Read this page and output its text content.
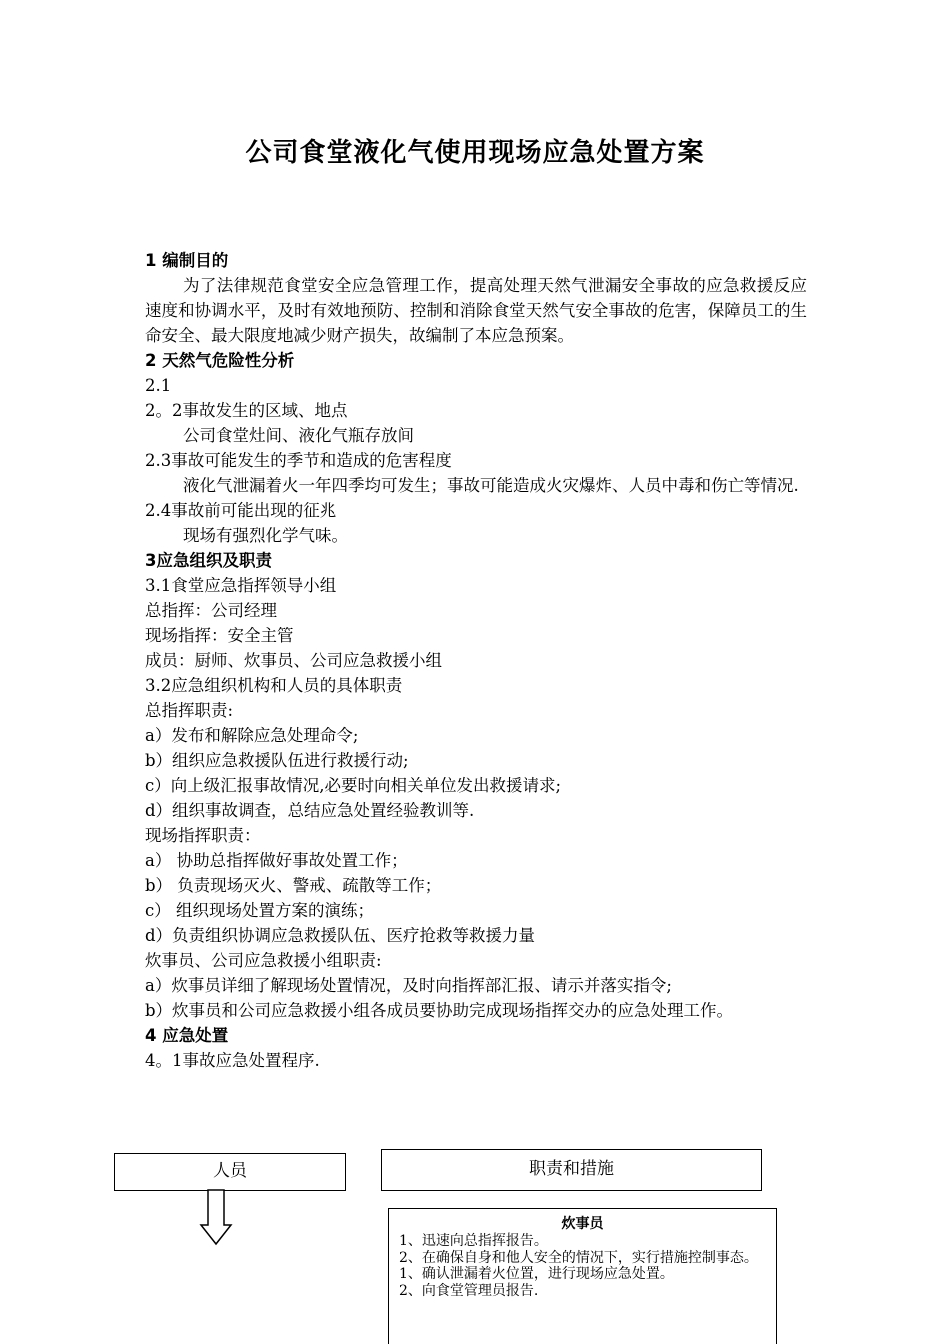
公司食堂液化气使用现场应急处置方案
1 编制目的
为了法律规范食堂安全应急管理工作，提高处理天然气泄漏安全事故的应急救援反应速度和协调水平，及时有效地预防、控制和消除食堂天然气安全事故的危害，保障员工的生命安全、最大限度地减少财产损失，故编制了本应急预案。
2 天然气危险性分析
2.1
2。2事故发生的区域、地点
公司食堂灶间、液化气瓶存放间
2.3事故可能发生的季节和造成的危害程度
液化气泄漏着火一年四季均可发生；事故可能造成火灾爆炸、人员中毒和伤亡等情况.
2.4事故前可能出现的征兆
现场有强烈化学气味。
3应急组织及职责
3.1食堂应急指挥领导小组
总指挥：公司经理
现场指挥：安全主管
成员：厨师、炊事员、公司应急救援小组
3.2应急组织机构和人员的具体职责
总指挥职责:
a）发布和解除应急处理命令;
b）组织应急救援队伍进行救援行动;
c）向上级汇报事故情况,必要时向相关单位发出救援请求;
d）组织事故调查，总结应急处置经验教训等.
现场指挥职责：
a） 协助总指挥做好事故处置工作；
b） 负责现场灭火、警戒、疏散等工作；
c） 组织现场处置方案的演练；
d）负责组织协调应急救援队伍、医疗抢救等救援力量
炊事员、公司应急救援小组职责:
a）炊事员详细了解现场处置情况，及时向指挥部汇报、请示并落实指令;
b）炊事员和公司应急救援小组各成员要协助完成现场指挥交办的应急处理工作。
4 应急处置
4。1事故应急处置程序.
人员	职责和措施
炊事员
1、迅速向总指挥报告。
2、在确保自身和他人安全的情况下，实行措施控制事态。
1、确认泄漏着火位置，进行现场应急处置。
2、向食堂管理员报告.
